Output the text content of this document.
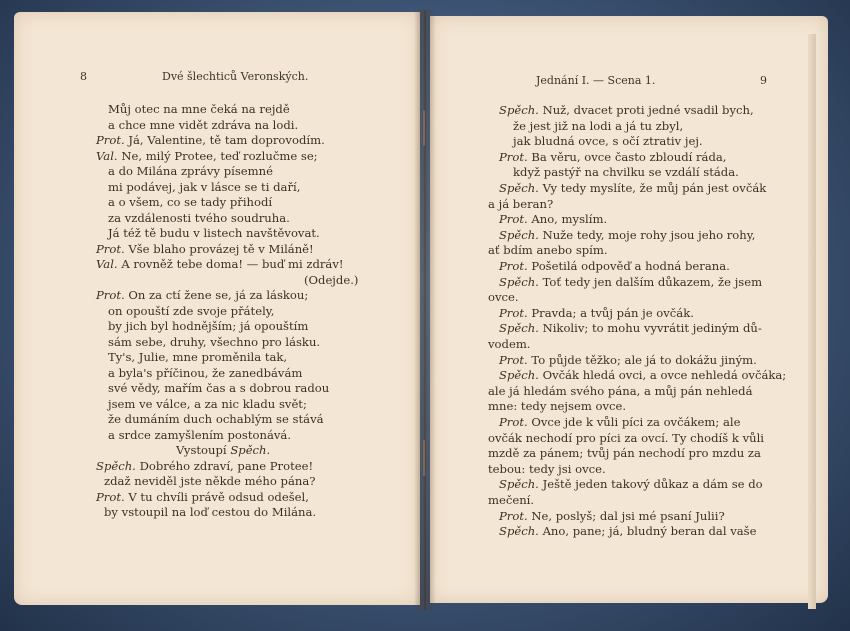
8	Dvé šlechticů Veronských.	Jednání I. — Scena 1.	9
Můj otec na mne čeká na rejdě
a chce mne vidět zdráva na lodi.
Prot. Já, Valentine, tě tam doprovodím.
Val. Ne, milý Protee, teď rozlučme se;
a do Milána zprávy písemné
mi podávej, jak v lásce se ti daří,
a o všem, co se tady přihodí
za vzdálenosti tvého soudruha.
Já též tě budu v listech navštěvovat.
Prot. Vše blaho provázej tě v Miláně!
Val. A rovněž tebe doma! — buď mi zdráv!
(Odejde.)
Prot. On za ctí žene se, já za láskou;
on opouští zde svoje přátely,
by jich byl hodnějším; já opouštím
sám sebe, druhy, všechno pro lásku.
Ty's, Julie, mne proměnila tak,
a byla's příčinou, že zanedbávám
své vědy, mařím čas a s dobrou radou
jsem ve válce, a za nic kladu svět;
že dumáním duch ochablým se stává
a srdce zamyšlením postonává.
Vystoupí Spěch.
Spěch. Dobrého zdraví, pane Protee!
zdaž neviděl jste někde mého pána?
Prot. V tu chvíli právě odsud odešel,
by vstoupil na loď cestou do Milána.
Spěch. Nuž, dvacet proti jedné vsadil bych,
že jest již na lodi a já tu zbyl,
jak bludná ovce, s očí ztrativ jej.
Prot. Ba věru, ovce často zbloudí ráda,
když pastýř na chvilku se vzdálí stáda.
Spěch. Vy tedy myslíte, že můj pán jest ovčák
a já beran?
Prot. Ano, myslím.
Spěch. Nuže tedy, moje rohy jsou jeho rohy,
ať bdím anebo spím.
Prot. Pošetilá odpověď a hodná berana.
Spěch. Toť tedy jen dalším důkazem, že jsem
ovce.
Prot. Pravda; a tvůj pán je ovčák.
Spěch. Nikoliv; to mohu vyvrátit jediným dů-
vodem.
Prot. To půjde těžko; ale já to dokážu jiným.
Spěch. Ovčák hledá ovci, a ovce nehledá ovčáka;
ale já hledám svého pána, a můj pán nehledá
mne: tedy nejsem ovce.
Prot. Ovce jde k vůli píci za ovčákem; ale
ovčák nechodí pro píci za ovcí. Ty chodíš k vůli
mzdě za pánem; tvůj pán nechodí pro mzdu za
tebou: tedy jsi ovce.
Spěch. Ještě jeden takový důkaz a dám se do
mečení.
Prot. Ne, poslyš; dal jsi mé psaní Julii?
Spěch. Ano, pane; já, bludný beran dal vaše
